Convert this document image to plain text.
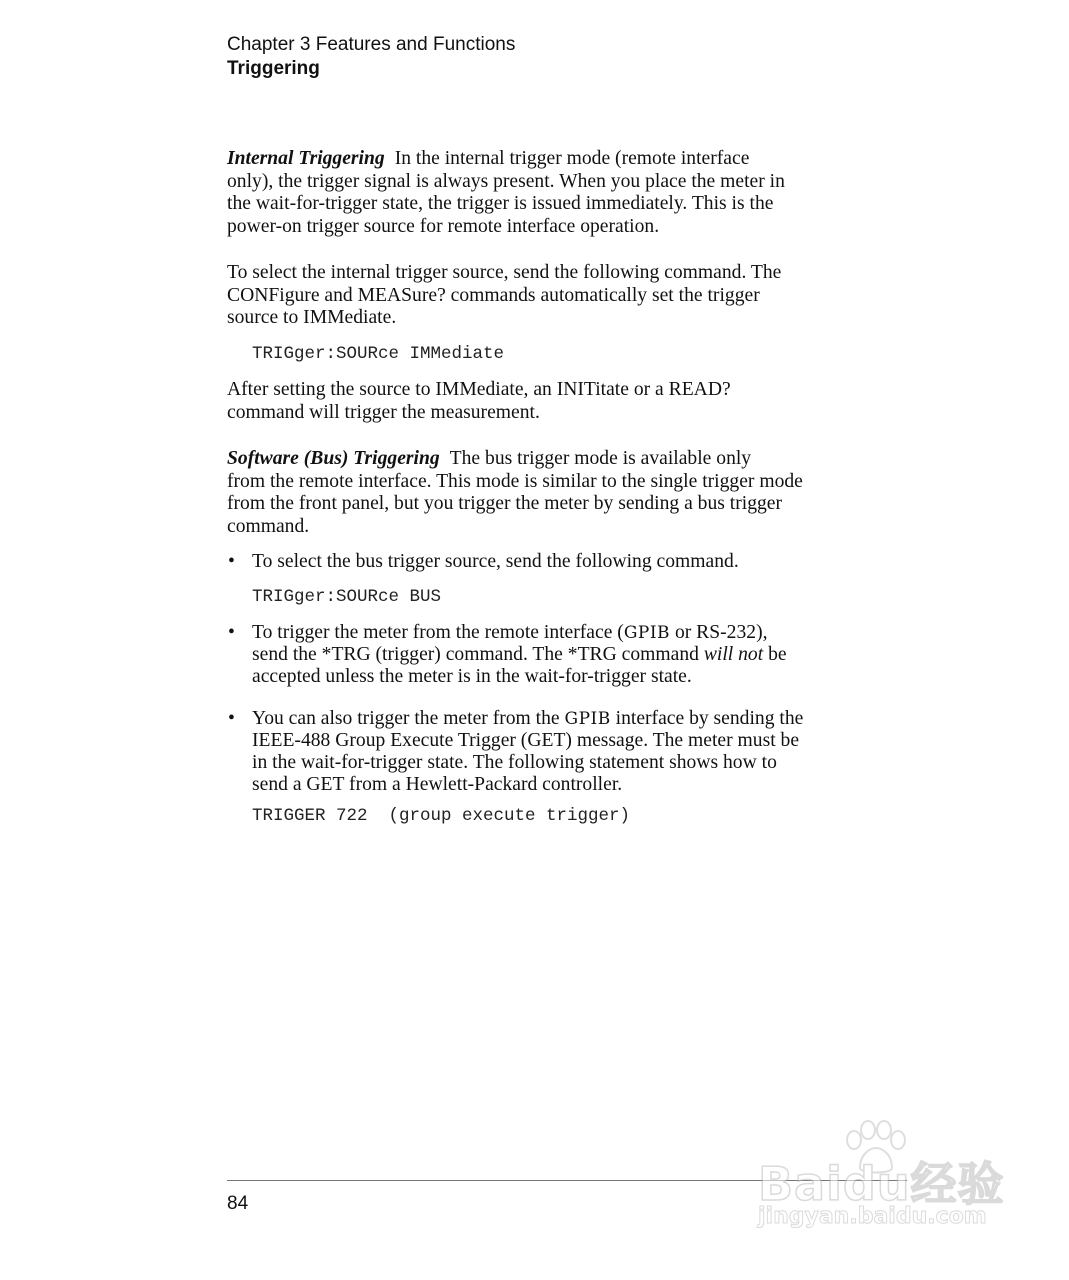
Chapter 3 Features and Functions
Triggering

Internal Triggering In the internal trigger mode (remote interface

only), the trigger signal is always present. When you place the meter in

the wait-for-trigger state, the trigger is issued immediately. This is the

power-on trigger source for remote interface operation.

To select the internal trigger source, send the following command. The

CONFigure and MEASure? commands automatically set the trigger

source to IMMediate.

TRIGger:SOURce IMMediate

After setting the source to IMMediate, an INITitate or a READ?

command will trigger the measurement.

Software (Bus) Triggering The bus trigger mode is available only

from the remote interface. This mode is similar to the single trigger mode

from the front panel, but you trigger the meter by sending a bus trigger

command.

• To select the bus trigger source, send the following command.
TRIGger:SOURce BUS
• To trigger the meter from the remote interface (GPIB or RS-232),
send the *TRG (trigger) command. The *TRG command will not be
accepted unless the meter is in the wait-for-trigger state.
• You can also trigger the meter from the GPIB interface by sending the
IEEE-488 Group Execute Trigger (GET) message. The meter must be
in the wait-for-trigger state. The following statement shows how to
send a GET from a Hewlett-Packard controller.
TRIGGER 722  (group execute trigger)
84	Baidu经验
jingyan.baidu.com
